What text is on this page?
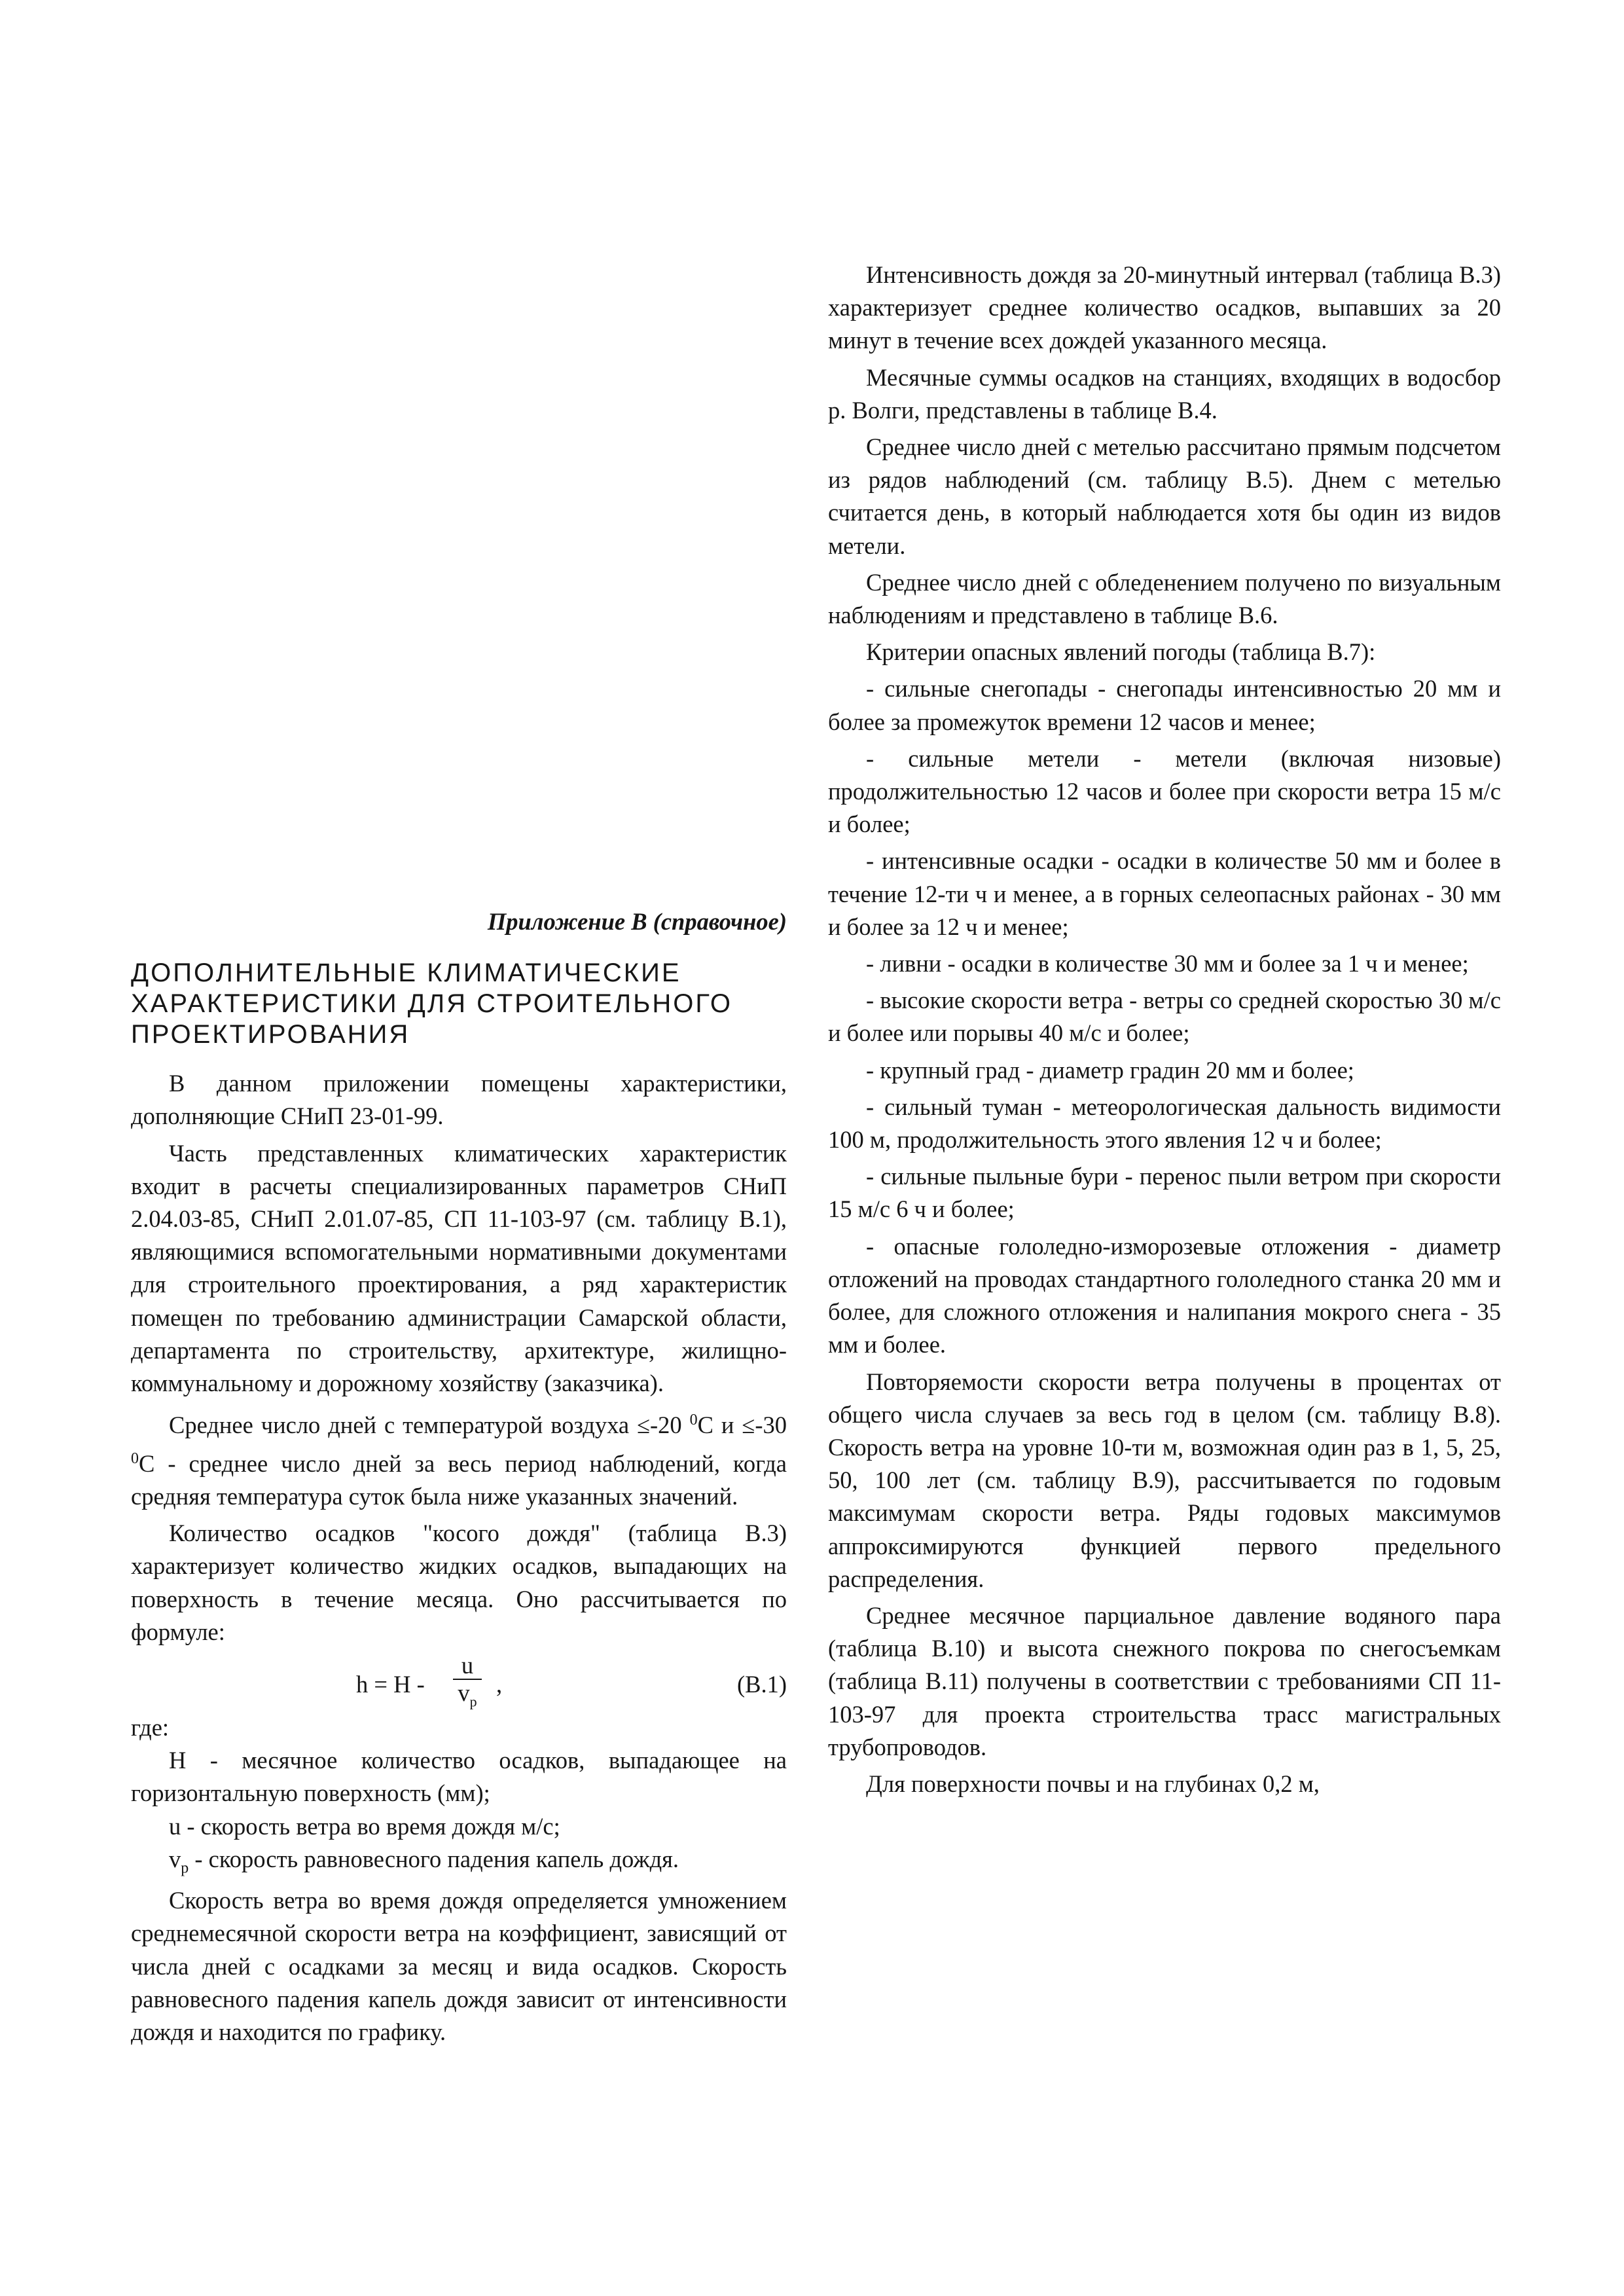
Приложение В (справочное)

ДОПОЛНИТЕЛЬНЫЕ КЛИМАТИЧЕСКИЕ ХАРАКТЕРИСТИКИ ДЛЯ СТРОИТЕЛЬНОГО ПРОЕКТИРОВАНИЯ

В данном приложении помещены характеристики, дополняющие СНиП 23-01-99.

Часть представленных климатических характеристик входит в расчеты специализированных параметров СНиП 2.04.03-85, СНиП 2.01.07-85, СП 11-103-97 (см. таблицу В.1), являющимися вспомогательными нормативными документами для строительного проектирования, а ряд характеристик помещен по требованию администрации Самарской области, департамента по строительству, архитектуре, жилищно-коммунальному и дорожному хозяйству (заказчика).

Среднее число дней с температурой воздуха ≤-20 $^0$С и ≤-30 $^0$С - среднее число дней за весь период наблюдений, когда средняя температура суток была ниже указанных значений.

Количество осадков "косого дождя" (таблица В.3) характеризует количество жидких осадков, выпадающих на поверхность в течение месяца. Оно рассчитывается по формуле:

$h = H - \frac{u}{v_p}$ ,	(В.1)

где:

H - месячное количество осадков, выпадающее на горизонтальную поверхность (мм);

u - скорость ветра во время дождя м/с;

$v_p$ - скорость равновесного падения капель дождя.

Скорость ветра во время дождя определяется умножением среднемесячной скорости ветра на коэффициент, зависящий от числа дней с осадками за месяц и вида осадков. Скорость равновесного падения капель дождя зависит от интенсивности дождя и находится по графику.

Интенсивность дождя за 20-минутный интервал (таблица В.3) характеризует среднее количество осадков, выпавших за 20 минут в течение всех дождей указанного месяца.

Месячные суммы осадков на станциях, входящих в водосбор р. Волги, представлены в таблице В.4.

Среднее число дней с метелью рассчитано прямым подсчетом из рядов наблюдений (см. таблицу В.5). Днем с метелью считается день, в который наблюдается хотя бы один из видов метели.

Среднее число дней с обледенением получено по визуальным наблюдениям и представлено в таблице В.6.

Критерии опасных явлений погоды (таблица В.7):

- сильные снегопады - снегопады интенсивностью 20 мм и более за промежуток времени 12 часов и менее;

- сильные метели - метели (включая низовые) продолжительностью 12 часов и более при скорости ветра 15 м/с и более;

- интенсивные осадки - осадки в количестве 50 мм и более в течение 12-ти ч и менее, а в горных селеопасных районах - 30 мм и более за 12 ч и менее;

- ливни - осадки в количестве 30 мм и более за 1 ч и менее;

- высокие скорости ветра - ветры со средней скоростью 30 м/с и более или порывы 40 м/с и более;

- крупный град - диаметр градин 20 мм и более;

- сильный туман - метеорологическая дальность видимости 100 м, продолжительность этого явления 12 ч и более;

- сильные пыльные бури - перенос пыли ветром при скорости 15 м/с 6 ч и более;

- опасные гололедно-изморозевые отложения - диаметр отложений на проводах стандартного гололедного станка 20 мм и более, для сложного отложения и налипания мокрого снега - 35 мм и более.

Повторяемости скорости ветра получены в процентах от общего числа случаев за весь год в целом (см. таблицу В.8). Скорость ветра на уровне 10-ти м, возможная один раз в 1, 5, 25, 50, 100 лет (см. таблицу В.9), рассчитывается по годовым максимумам скорости ветра. Ряды годовых максимумов аппроксимируются функцией первого предельного распределения.

Среднее месячное парциальное давление водяного пара (таблица В.10) и высота снежного покрова по снегосъемкам (таблица В.11) получены в соответствии с требованиями СП 11-103-97 для проекта строительства трасс магистральных трубопроводов.

Для поверхности почвы и на глубинах 0,2 м,
